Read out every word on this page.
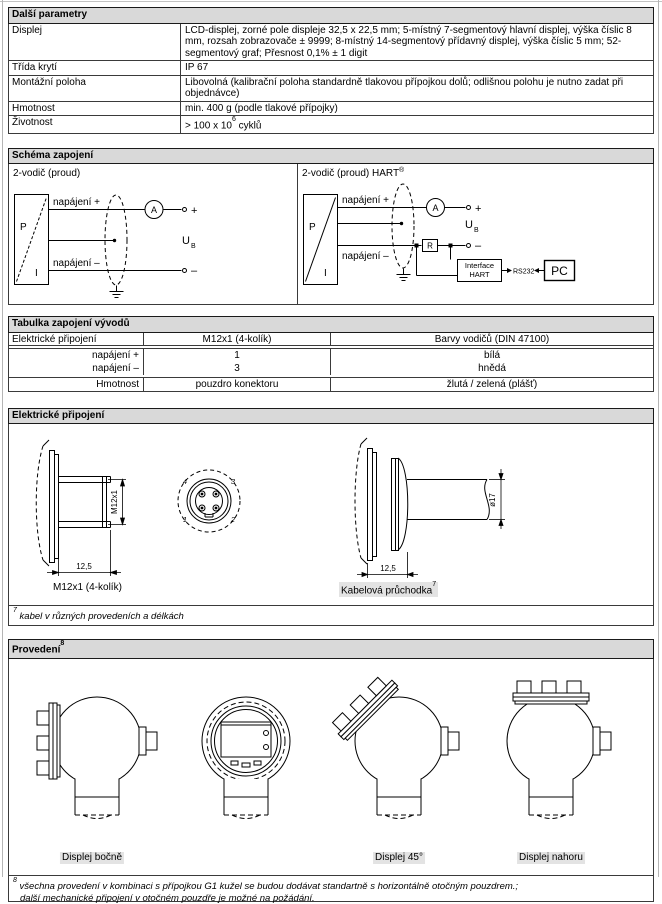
Další parametry
Displej	LCD-displej, zorné pole displeje 32,5 x 22,5 mm; 5-místný 7-segmentový hlavní displej, výška číslic 8 mm, rozsah zobrazovače ± 9999; 8-místný 14-segmentový přídavný displej, výška číslic 5 mm; 52-segmentový graf; Přesnost 0,1% ± 1 digit
Třída krytí	IP 67
Montážní poloha	Libovolná (kalibrační poloha standardně tlakovou přípojkou dolů; odlišnou polohu je nutno zadat při objednávce)
Hmotnost	min. 400 g (podle tlakové přípojky)
Životnost	> 100 x 10$^6$ cyklů
Schéma zapojení
2-vodič (proud)
P
I
A	+
–
napájení +
napájení –
U B
2-vodič (proud) HART ®
P
I
A
R
+
–
napájení +
napájení –
U B
Interface
HART	RS232 PC
Tabulka zapojení vývodů
Elektrické připojení	M12x1 (4-kolík)	Barvy vodičů (DIN 47100)
napájení +	1	bílá
napájení –	3	hnědá
Hmotnost	pouzdro konektoru	žlutá / zelená (plášť)
Elektrické připojení
M12x1
12,5
4	3
2
1
ø17
12,5
M12x1 (4-kolík)	Kabelová průchodka$^7$
$^7$ kabel v různých provedeních a délkách
Provedení$^8$
Displej bočně	Displej 45°	Displej nahoru
$^8$ všechna provedení v kombinaci s přípojkou G1 kužel se budou dodávat standartně s horizontálně otočným pouzdrem.;
další mechanické připojení v otočném pouzdře je možné na požádání.
